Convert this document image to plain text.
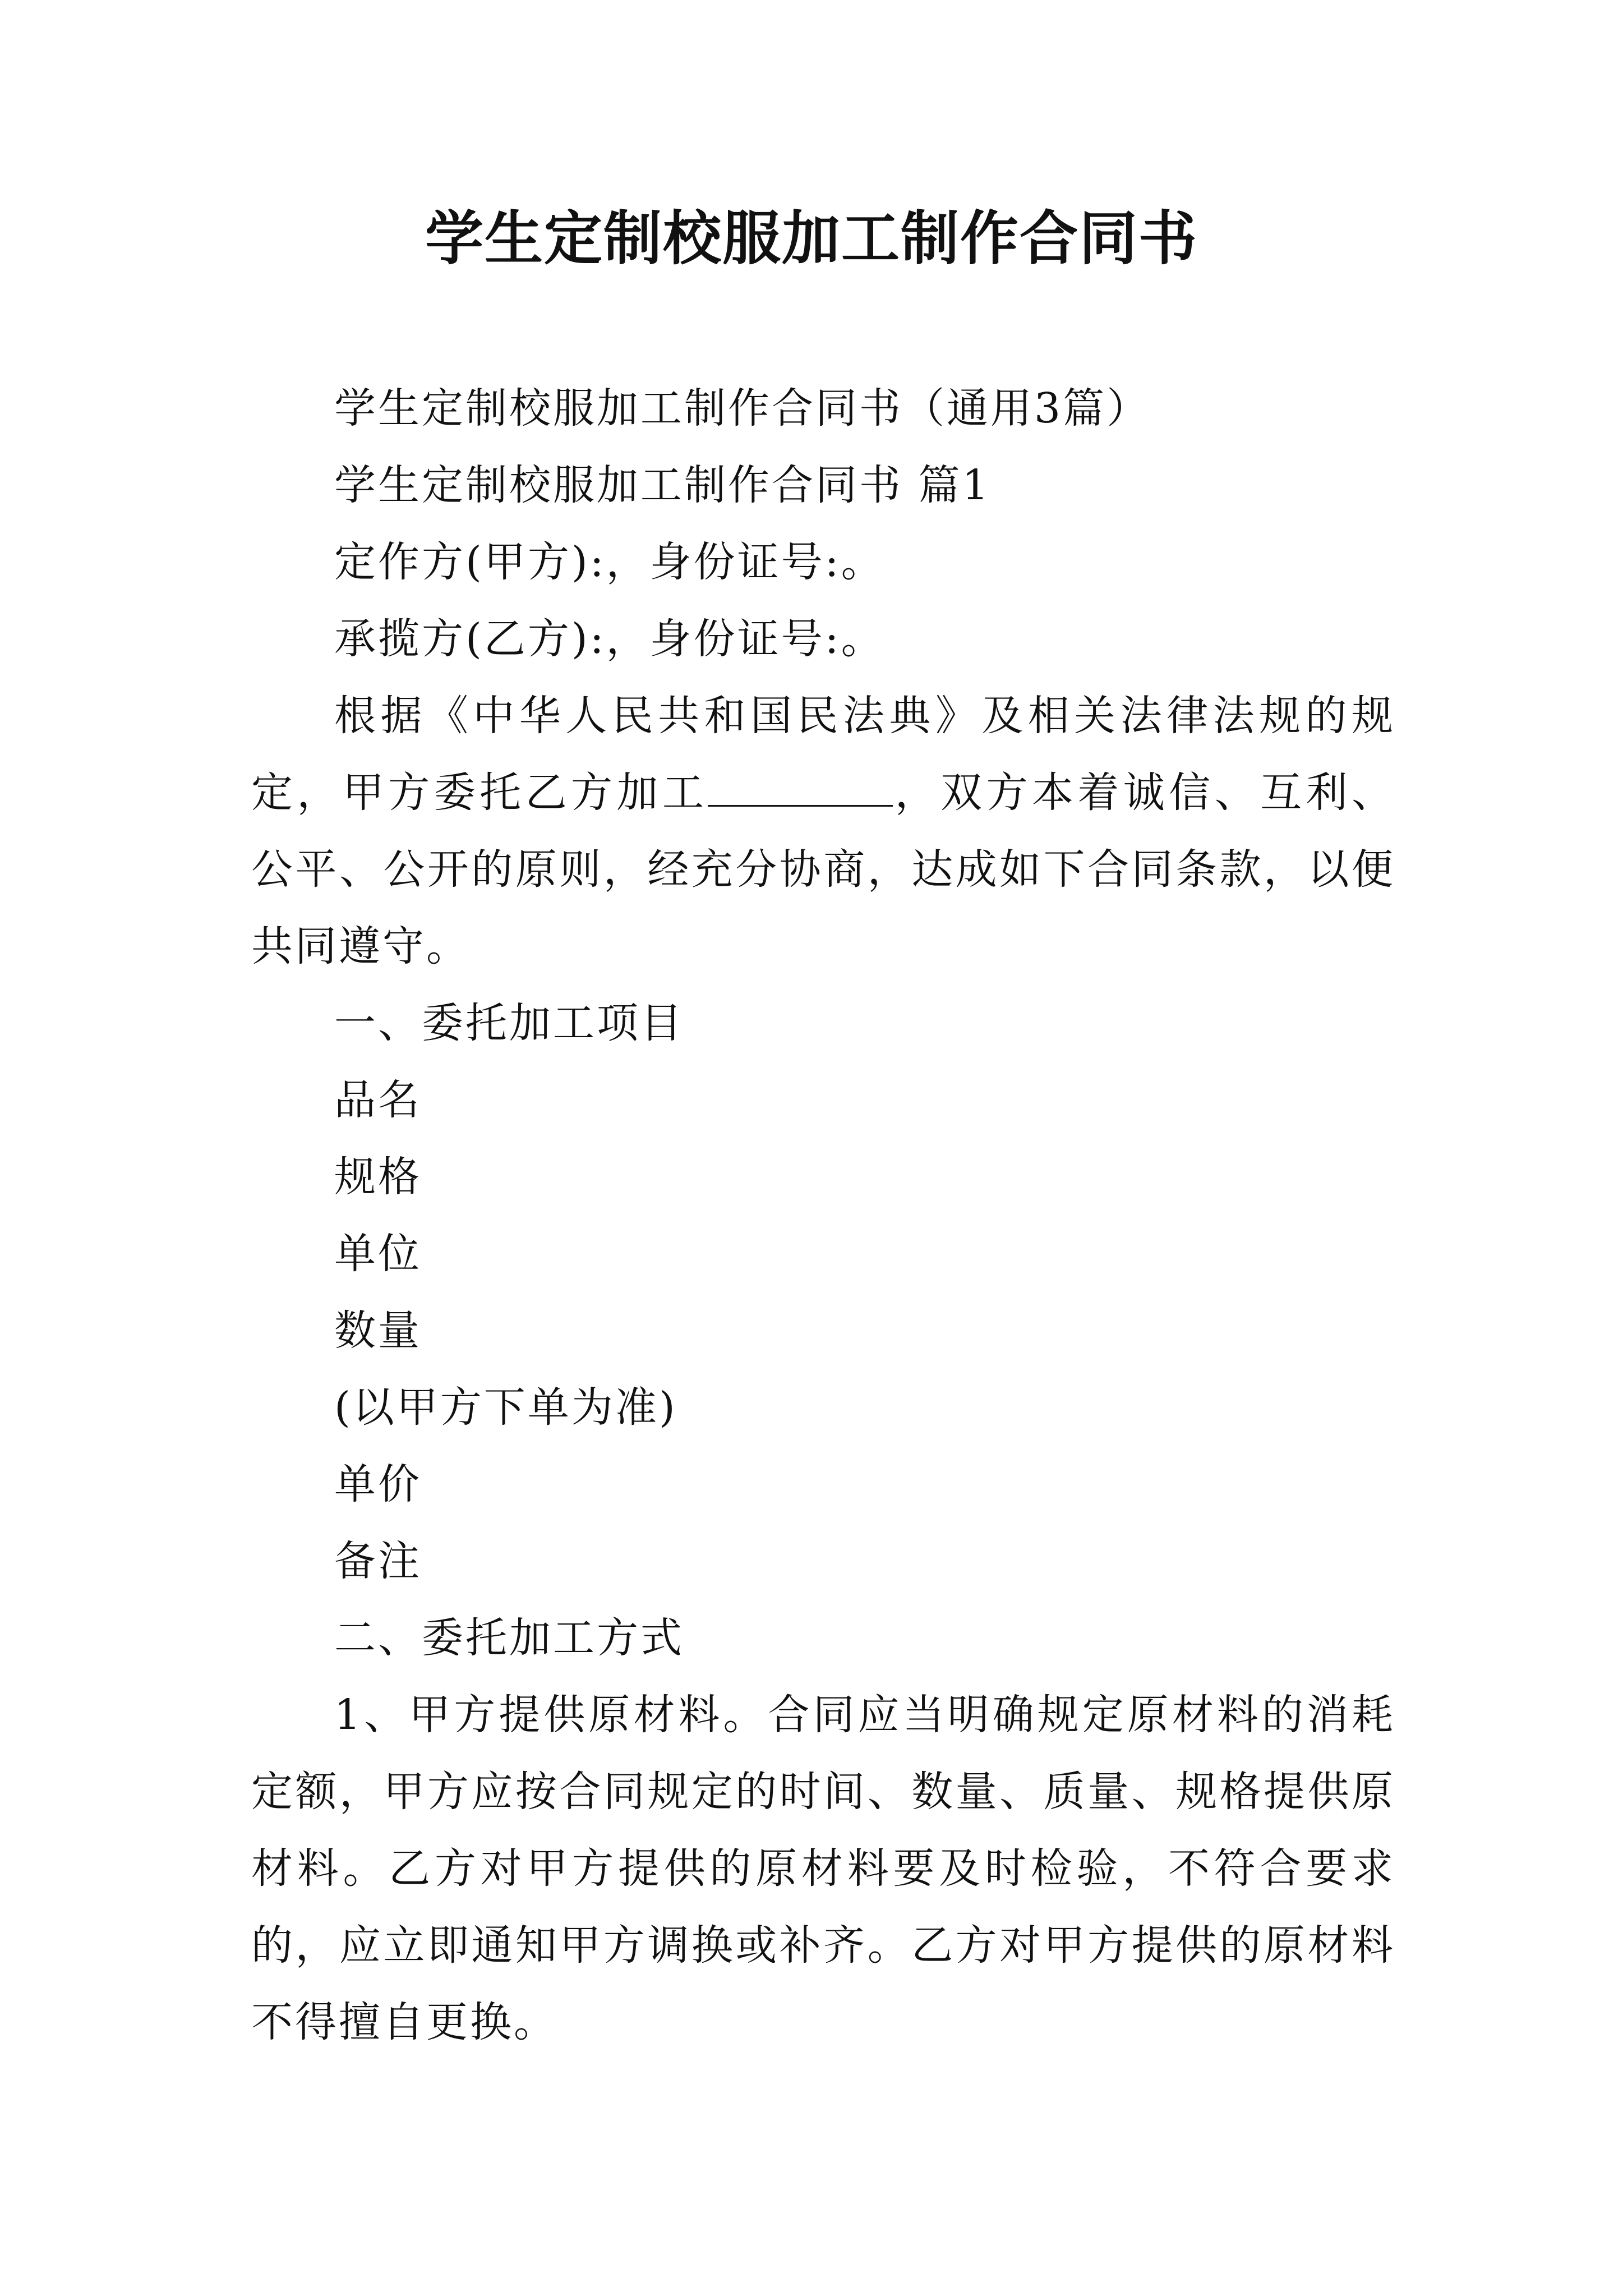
学生定制校服加工制作合同书

学生定制校服加工制作合同书（通用3篇）

学生定制校服加工制作合同书 篇1

定作方(甲方):，身份证号:。

承揽方(乙方):，身份证号:。

根据《中华人民共和国民法典》及相关法律法规的规定，甲方委托乙方加工	，双方本着诚信、互利、公平、公开的原则，经充分协商，达成如下合同条款，以便共同遵守。

一、委托加工项目

品名

规格

单位

数量

(以甲方下单为准)

单价

备注

二、委托加工方式

1、甲方提供原材料。合同应当明确规定原材料的消耗定额，甲方应按合同规定的时间、数量、质量、规格提供原材料。乙方对甲方提供的原材料要及时检验，不符合要求的，应立即通知甲方调换或补齐。乙方对甲方提供的原材料不得擅自更换。
